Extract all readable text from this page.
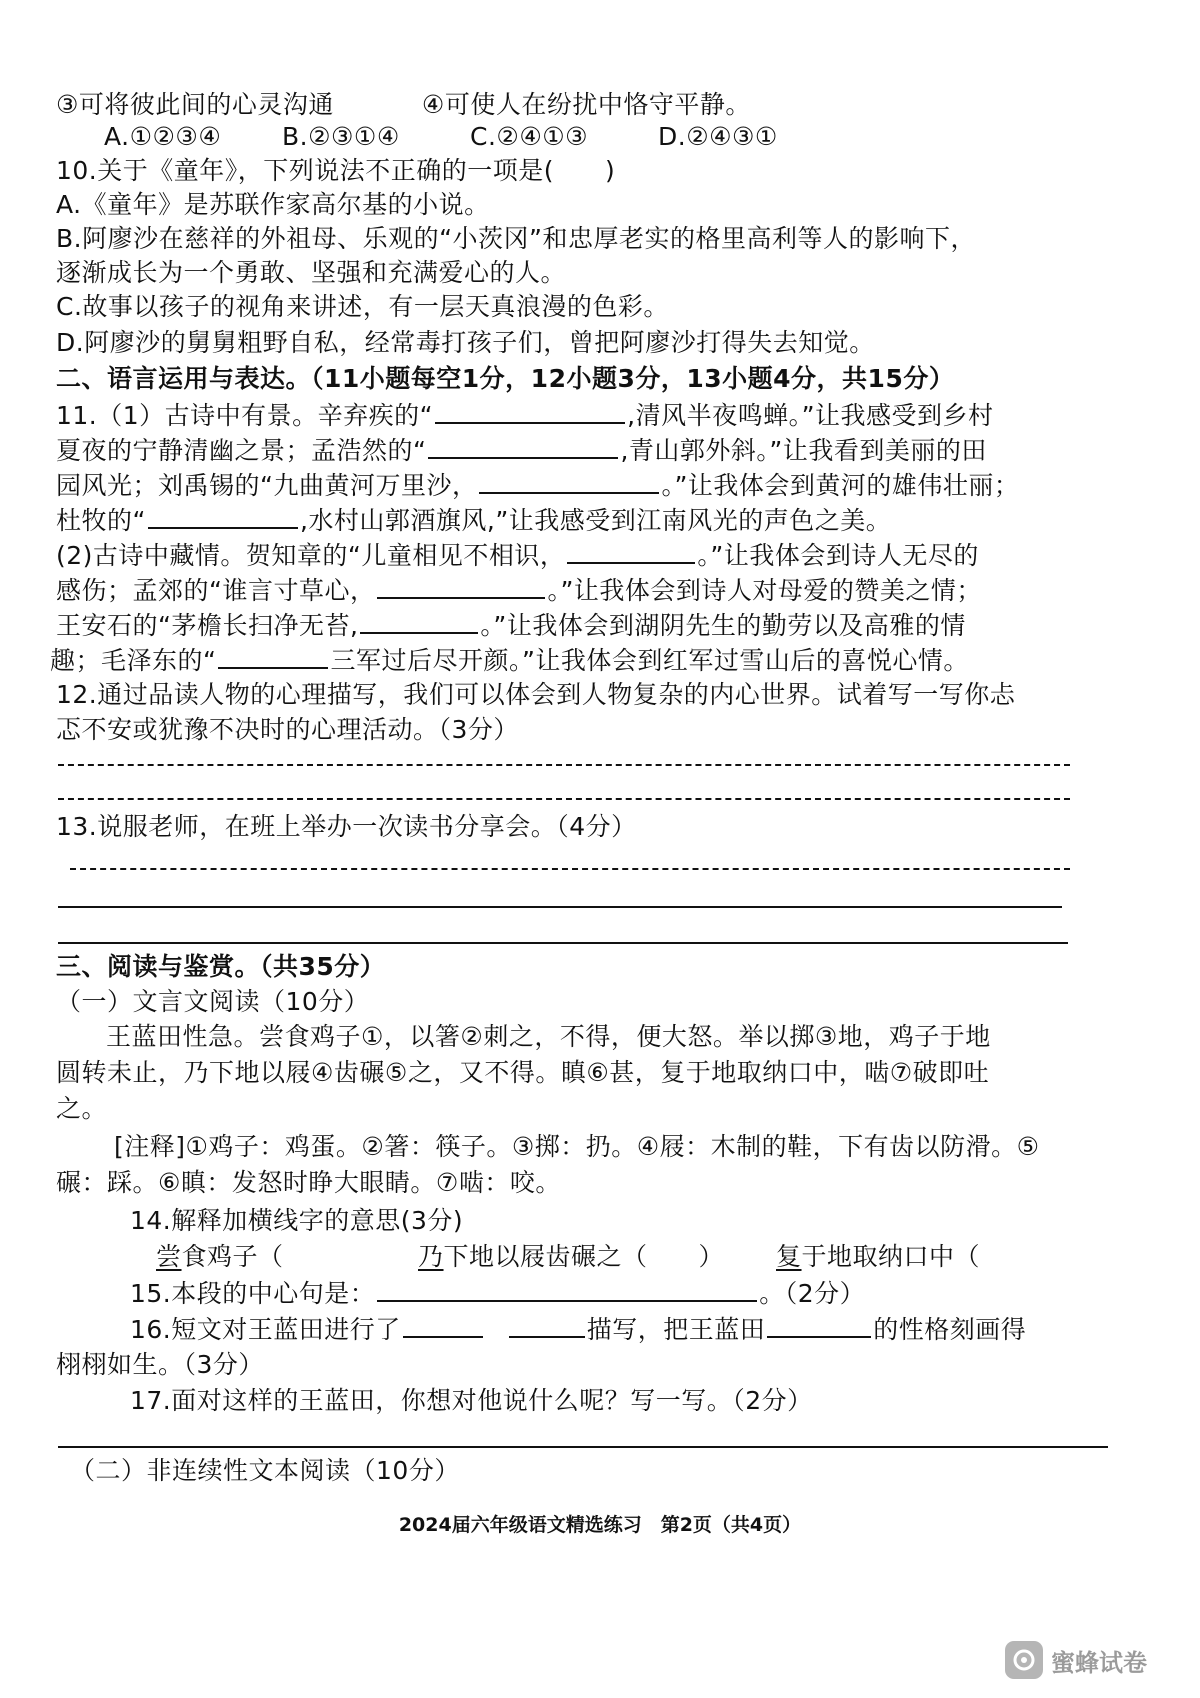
③可将彼此间的心灵沟通	④可使人在纷扰中恪守平静。
A.①②③④ B.②③①④	C.②④①③	D.②④③①
10.关于《童年》，下列说法不正确的一项是(　　)
A.《童年》是苏联作家高尔基的小说。
B.阿廖沙在慈祥的外祖母、乐观的“小茨冈”和忠厚老实的格里高利等人的影响下，
逐渐成长为一个勇敢、坚强和充满爱心的人。
C.故事以孩子的视角来讲述，有一层天真浪漫的色彩。
D.阿廖沙的舅舅粗野自私，经常毒打孩子们，曾把阿廖沙打得失去知觉。
二、语言运用与表达。（11小题每空1分，12小题3分，13小题4分，共15分）
11.（1）古诗中有景。辛弃疾的“	,清风半夜鸣蝉。”让我感受到乡村
夏夜的宁静清幽之景；孟浩然的“	,青山郭外斜。”让我看到美丽的田
园风光；刘禹锡的“九曲黄河万里沙，	。”让我体会到黄河的雄伟壮丽；
杜牧的“	,水村山郭酒旗风,”让我感受到江南风光的声色之美。
(2)古诗中藏情。贺知章的“儿童相见不相识，	。”让我体会到诗人无尽的
感伤；孟郊的“谁言寸草心，	。”让我体会到诗人对母爱的赞美之情；
王安石的“茅檐长扫净无苔,	。”让我体会到湖阴先生的勤劳以及高雅的情
趣；毛泽东的“	三军过后尽开颜。”让我体会到红军过雪山后的喜悦心情。
12.通过品读人物的心理描写，我们可以体会到人物复杂的内心世界。试着写一写你忐
忑不安或犹豫不决时的心理活动。（3分）
13.说服老师，在班上举办一次读书分享会。（4分）
三、阅读与鉴赏。（共35分）
（一）文言文阅读（10分）
王蓝田性急。尝食鸡子①，以箸②刺之，不得，便大怒。举以掷③地，鸡子于地
圆转未止，乃下地以屐④齿碾⑤之，又不得。瞋⑥甚，复于地取纳口中，啮⑦破即吐
之。
[注释]①鸡子：鸡蛋。②箸：筷子。③掷：扔。④屐：木制的鞋，下有齿以防滑。⑤
碾：踩。⑥瞋：发怒时睁大眼睛。⑦啮：咬。
14.解释加横线字的意思(3分)
尝食鸡子（	乃下地以屐齿碾之（　　） 复于地取纳口中（
15.本段的中心句是：	。（2分）
16.短文对王蓝田进行了	描写，把王蓝田	的性格刻画得
栩栩如生。（3分）
17.面对这样的王蓝田，你想对他说什么呢？写一写。（2分）
（二）非连续性文本阅读（10分）
2024届六年级语文精选练习　第2页（共4页）
蜜蜂试卷
